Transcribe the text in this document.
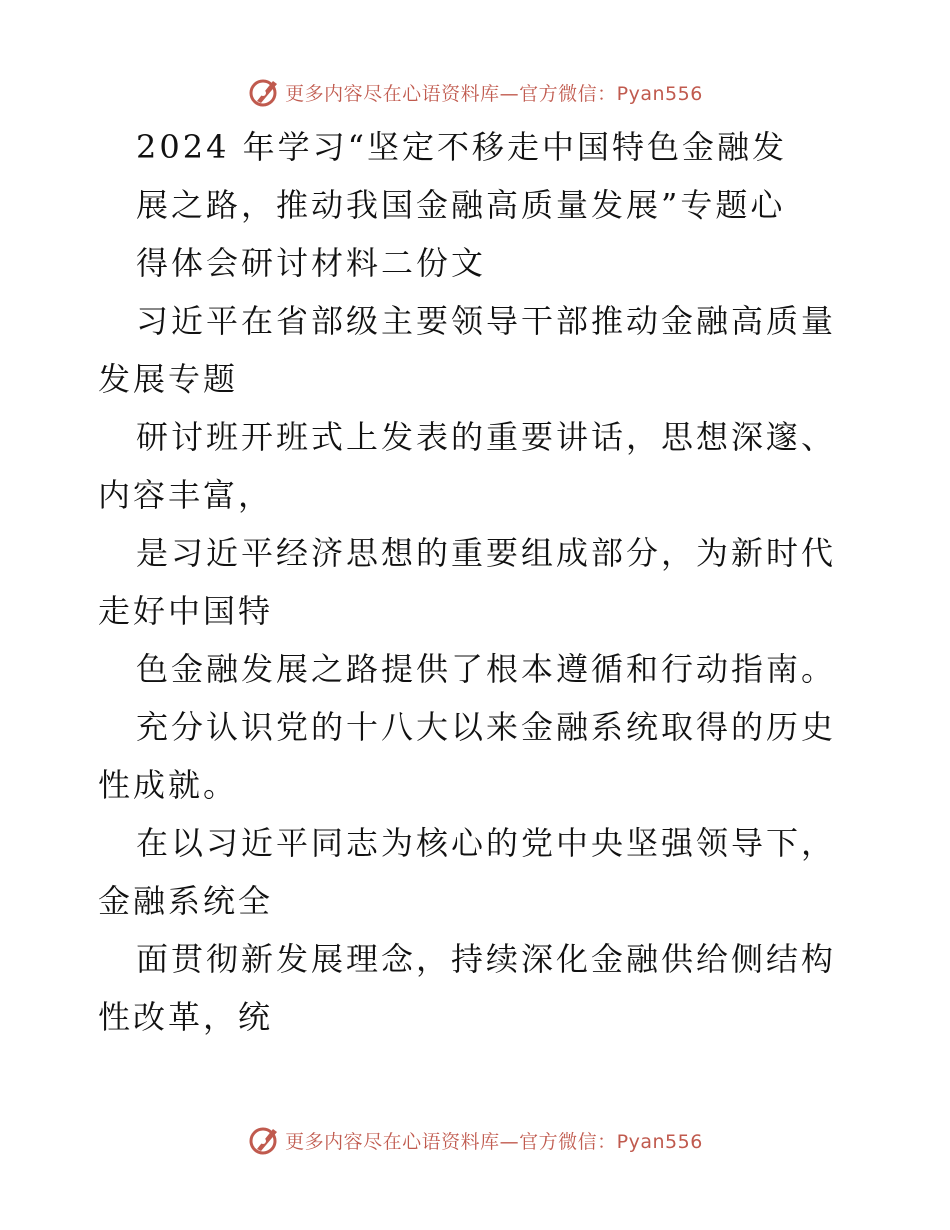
更多内容尽在心语资料库—官方微信：Pyan556
2024 年学习“坚定不移走中国特色金融发
展之路，推动我国金融高质量发展”专题心
得体会研讨材料二份文

习近平在省部级主要领导干部推动金融高质量发展专题

研讨班开班式上发表的重要讲话，思想深邃、内容丰富，

是习近平经济思想的重要组成部分，为新时代走好中国特

色金融发展之路提供了根本遵循和行动指南。

充分认识党的十八大以来金融系统取得的历史性成就。

在以习近平同志为核心的党中央坚强领导下，金融系统全

面贯彻新发展理念，持续深化金融供给侧结构性改革，统

更多内容尽在心语资料库—官方微信：Pyan556
